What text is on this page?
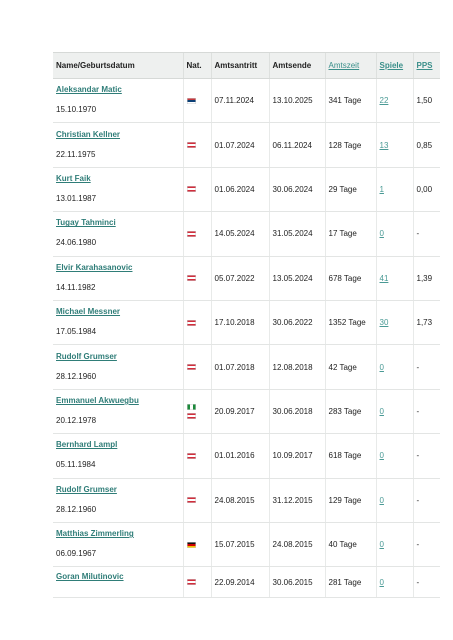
Name/Geburtsdatum	Nat.	Amtsantritt	Amtsende	Amtszeit	Spiele	PPS

Aleksandar Matic
15.10.1970		07.11.2024	13.10.2025	341 Tage	22	1,50

Christian Kellner
22.11.1975		01.07.2024	06.11.2024	128 Tage	13	0,85

Kurt Faik
13.01.1987		01.06.2024	30.06.2024	29 Tage	1	0,00

Tugay Tahminci
24.06.1980		14.05.2024	31.05.2024	17 Tage	0	-

Elvir Karahasanovic
14.11.1982		05.07.2022	13.05.2024	678 Tage	41	1,39

Michael Messner
17.05.1984		17.10.2018	30.06.2022	1352 Tage	30	1,73

Rudolf Grumser
28.12.1960		01.07.2018	12.08.2018	42 Tage	0	-

Emmanuel Akwuegbu
20.12.1978		20.09.2017	30.06.2018	283 Tage	0	-

Bernhard Lampl
05.11.1984		01.01.2016	10.09.2017	618 Tage	0	-

Rudolf Grumser
28.12.1960		24.08.2015	31.12.2015	129 Tage	0	-

Matthias Zimmerling
06.09.1967		15.07.2015	24.08.2015	40 Tage	0	-

Goran Milutinovic		22.09.2014	30.06.2015	281 Tage	0	-
